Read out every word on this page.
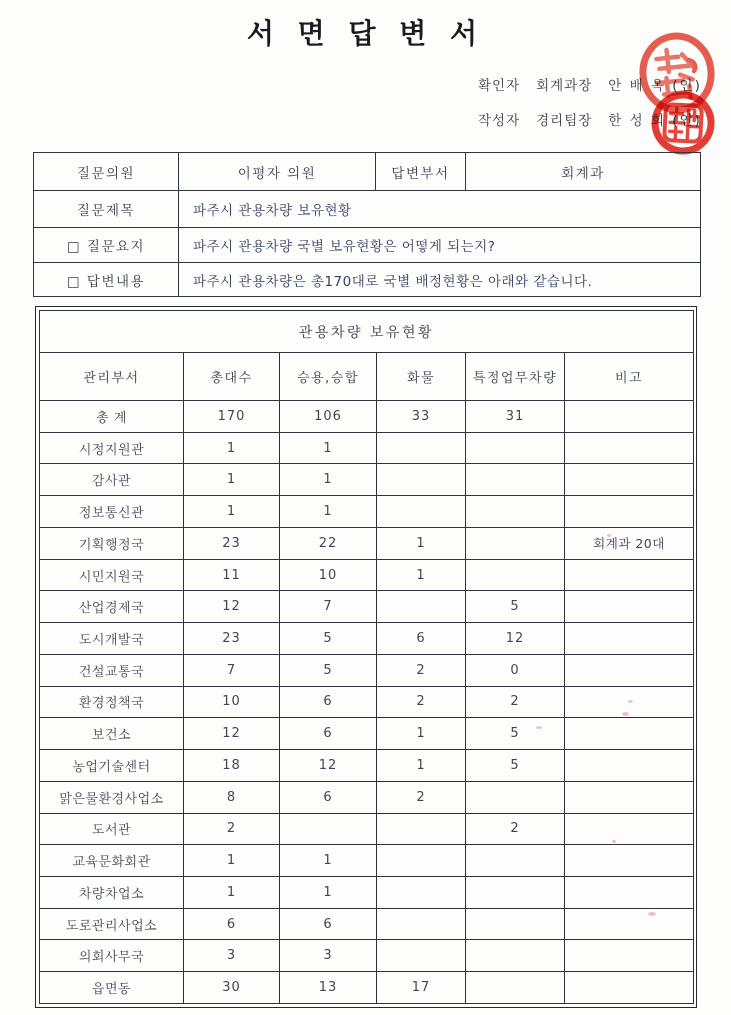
서 면 답 변 서
확인자 회계과장 안 배 옥 (인)
작성자 경리팀장 한 성 희 (인)
질문의원	이평자 의원	답변부서	회계과
질문제목	파주시 관용차량 보유현황		
□ 질문요지	파주시 관용차량 국별 보유현황은 어떻게 되는지?		
□ 답변내용	파주시 관용차량은 총170대로 국별 배정현황은 아래와 같습니다.		
관용차량 보유현황					
관리부서	총대수	승용,승합	화물	특정업무차량	비고
총 계	170	106	33	31	
시정지원관	1	1			
감사관	1	1			
정보통신관	1	1			
기획행정국	23	22	1		회계과 20대
시민지원국	11	10	1		
산업경제국	12	7		5	
도시개발국	23	5	6	12	
건설교통국	7	5	2	0	
환경정책국	10	6	2	2	
보건소	12	6	1	5	
농업기술센터	18	12	1	5	
맑은물환경사업소	8	6	2		
도서관	2			2	
교육문화회관	1	1			
차량차업소	1	1			
도로관리사업소	6	6			
의회사무국	3	3			
읍면동	30	13	17		
